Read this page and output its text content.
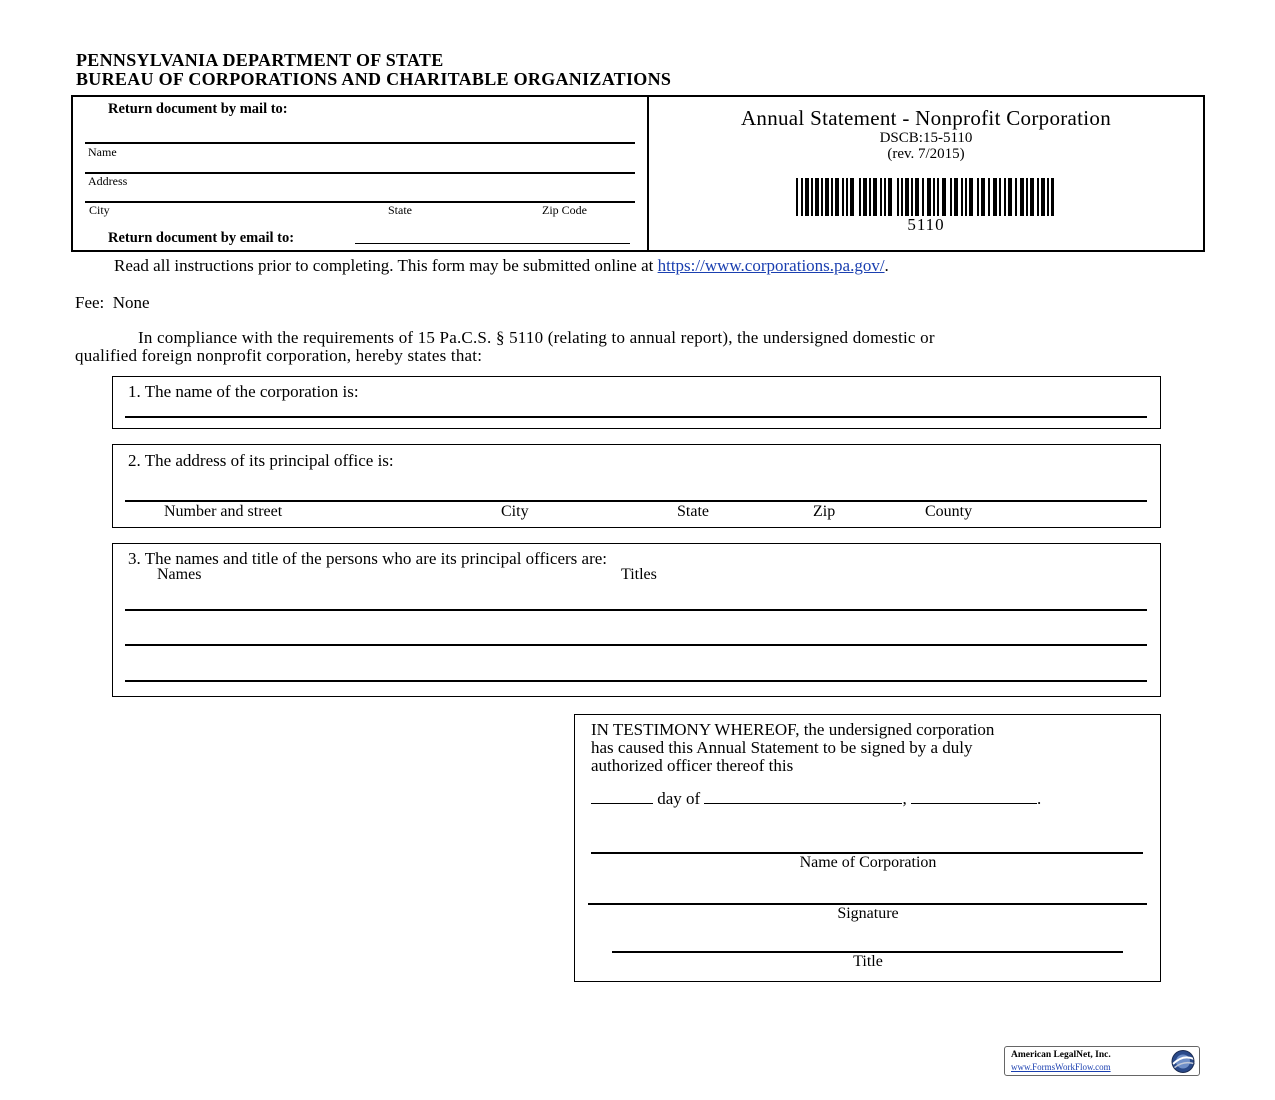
PENNSYLVANIA DEPARTMENT OF STATE
BUREAU OF CORPORATIONS AND CHARITABLE ORGANIZATIONS
Return document by mail to:
Name
Address
City	State	Zip Code
Return document by email to:
Annual Statement - Nonprofit Corporation
DSCB:15-5110
(rev. 7/2015)
5110
Read all instructions prior to completing. This form may be submitted online at https://www.corporations.pa.gov/.
Fee:  None
In compliance with the requirements of 15 Pa.C.S. § 5110 (relating to annual report), the undersigned domestic or
qualified foreign nonprofit corporation, hereby states that:
1. The name of the corporation is:
2. The address of its principal office is:
Number and street	City	State	Zip	County
3. The names and title of the persons who are its principal officers are:
Names	Titles
IN TESTIMONY WHEREOF, the undersigned corporation
has caused this Annual Statement to be signed by a duly
authorized officer thereof this
day of	,	.
Name of Corporation
Signature
Title
American LegalNet, Inc.
www.FormsWorkFlow.com
